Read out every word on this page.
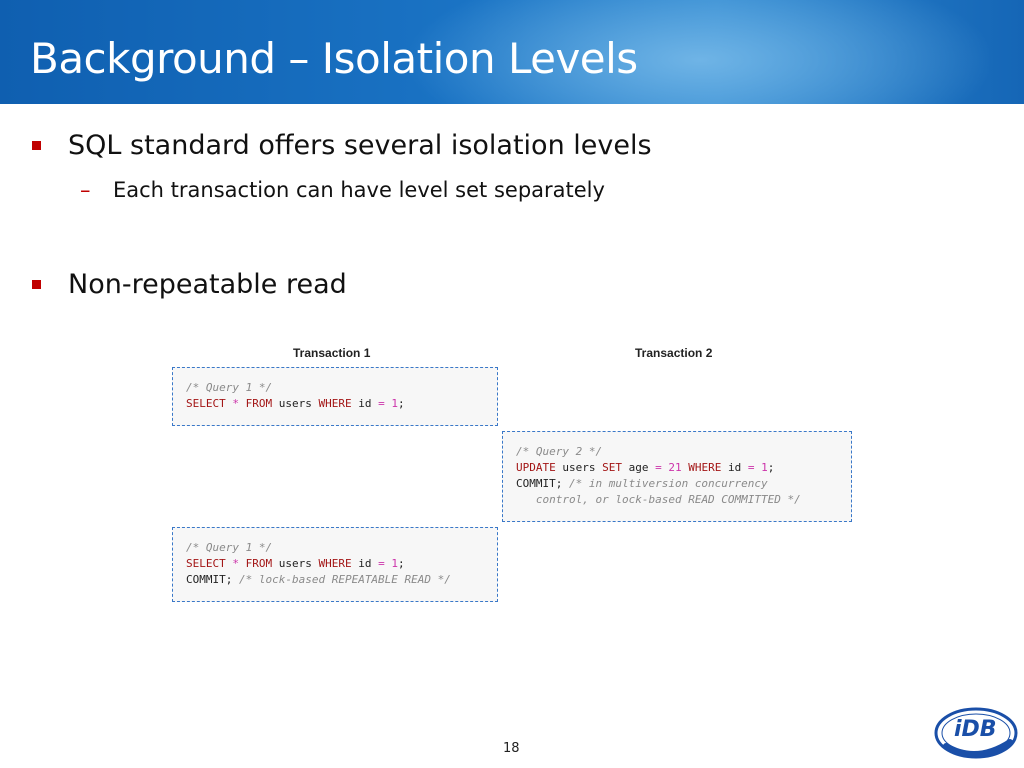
Background – Isolation Levels
SQL standard offers several isolation levels
– Each transaction can have level set separately
Non-repeatable read
Transaction 1	Transaction 2
/* Query 1 */
SELECT * FROM users WHERE id = 1;
/* Query 2 */
UPDATE users SET age = 21 WHERE id = 1;
COMMIT; /* in multiversion concurrency
control, or lock-based READ COMMITTED */
/* Query 1 */
SELECT * FROM users WHERE id = 1;
COMMIT; /* lock-based REPEATABLE READ */
18
iDB
